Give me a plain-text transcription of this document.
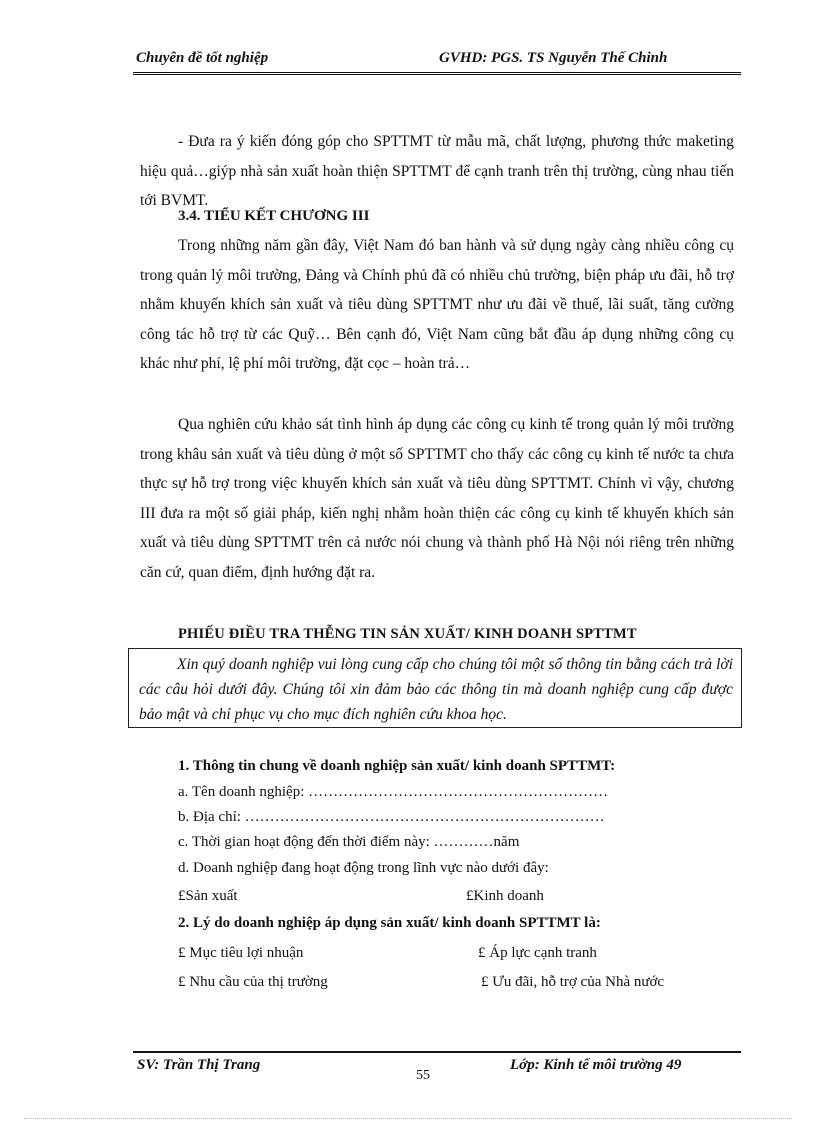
Chuyên đề tốt nghiệp	GVHD: PGS. TS Nguyễn Thế Chinh

- Đưa ra ý kiến đóng góp cho SPTTMT từ mẫu mã, chất lượng, phương thức maketing hiệu quả…giýp nhà sản xuất hoàn thiện SPTTMT để cạnh tranh trên thị trường, cùng nhau tiến tới BVMT.

3.4. TIỂU KẾT CHƯƠNG III

Trong những năm gần đây, Việt Nam đó ban hành và sử dụng ngày càng nhiều công cụ trong quản lý môi trường, Đảng và Chính phủ đã có nhiều chủ trường, biện pháp ưu đãi, hỗ trợ nhằm khuyến khích sản xuất và tiêu dùng SPTTMT như ưu đãi về thuế, lãi suất, tăng cường công tác hỗ trợ từ các Quỹ… Bên cạnh đó, Việt Nam cũng bắt đầu áp dụng những công cụ khác như phí, lệ phí môi trường, đặt cọc – hoàn trả…

Qua nghiên cứu khảo sát tình hình áp dụng các công cụ kinh tế trong quản lý môi trường trong khâu sản xuất và tiêu dùng ở một số SPTTMT cho thấy các công cụ kinh tế nước ta chưa thực sự hỗ trợ trong việc khuyến khích sản xuất và tiêu dùng SPTTMT. Chính vì vậy, chương III đưa ra một số giải pháp, kiến nghị nhằm hoàn thiện các công cụ kinh tế khuyến khích sản xuất và tiêu dùng SPTTMT trên cả nước nói chung và thành phố Hà Nội nói riêng trên những căn cứ, quan điểm, định hướng đặt ra.

PHIẾU ĐIỀU TRA THỄNG TIN SẢN XUẤT/ KINH DOANH SPTTMT

Xin quý doanh nghiệp vui lòng cung cấp cho chúng tôi một số thông tin bằng cách trả lời các câu hỏi dưới đây. Chúng tôi xin đảm bảo các thông tin mà doanh nghiệp cung cấp được bảo mật và chỉ phục vụ cho mục đích nghiên cứu khoa học.

1. Thông tin chung về doanh nghiệp sản xuất/ kinh doanh SPTTMT:
a. Tên doanh nghiệp: ……………………………………………………
b. Địa chỉ: ………………………………………………………………
c. Thời gian hoạt động đến thời điểm này: …………năm
d. Doanh nghiệp đang hoạt động trong lĩnh vực nào dưới đây:
£Sản xuất	£Kinh doanh
2. Lý do doanh nghiệp áp dụng sản xuất/ kinh doanh SPTTMT là:
£ Mục tiêu lợi nhuận	£ Áp lực cạnh tranh
£ Nhu cầu của thị trường	£ Ưu đãi, hỗ trợ của Nhà nước
SV: Trần Thị Trang	Lớp: Kinh tế môi trường 49
55
